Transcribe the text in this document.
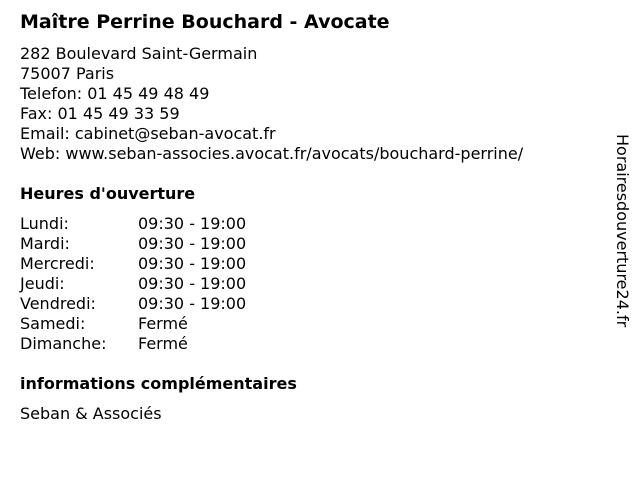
Maître Perrine Bouchard - Avocate
282 Boulevard Saint-Germain
75007 Paris
Telefon: 01 45 49 48 49
Fax: 01 45 49 33 59
Email: cabinet@seban-avocat.fr
Web: www.seban-associes.avocat.fr/avocats/bouchard-perrine/
Heures d'ouverture
Lundi:	09:30 - 19:00
Mardi:	09:30 - 19:00
Mercredi:	09:30 - 19:00
Jeudi:	09:30 - 19:00
Vendredi:	09:30 - 19:00
Samedi:	Fermé
Dimanche: Fermé
informations complémentaires
Seban & Associés
Horairesdouverture24.fr
